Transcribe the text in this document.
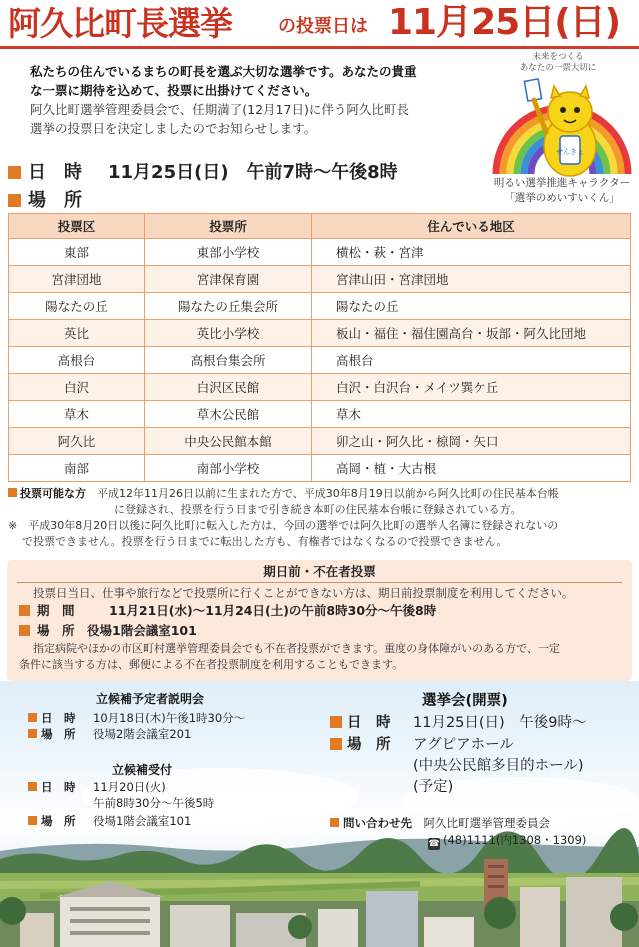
阿久比町長選挙	の投票日は 11月25日(日)
私たちの住んでいるまちの町長を選ぶ大切な選挙です。あなたの貴重
な一票に期待を込めて、投票に出掛けてください。
阿久比町選挙管理委員会で、任期満了(12月17日)に伴う阿久比町長
選挙の投票日を決定しましたのでお知らせします。
未来をつくる
あなたの一票大切に
せんきょ
明るい選挙推進キャラクター
「選挙のめいすいくん」
日　時 11月25日(日)　午前7時〜午後8時
場　所
投票区	投票所	住んでいる地区
東部	東部小学校	横松・萩・宮津
宮津団地	宮津保育園	宮津山田・宮津団地
陽なたの丘	陽なたの丘集会所	陽なたの丘
英比	英比小学校	板山・福住・福住園高台・坂部・阿久比団地
高根台	高根台集会所	高根台
白沢	白沢区民館	白沢・白沢台・メイツ巽ケ丘
草木	草木公民館	草木
阿久比	中央公民館本館	卯之山・阿久比・椋岡・矢口
南部	南部小学校	高岡・植・大古根
投票可能な方　 平成12年11月26日以前に生まれた方で、平成30年8月19日以前から阿久比町の住民基本台帳
に登録され、投票を行う日まで引き続き本町の住民基本台帳に登録されている方。
※　平成30年8月20日以後に阿久比町に転入した方は、今回の選挙では阿久比町の選挙人名簿に登録されないの
で投票できません。投票を行う日までに転出した方も、有権者ではなくなるので投票できません。
期日前・不在者投票
投票日当日、仕事や旅行などで投票所に行くことができない方は、期日前投票制度を利用してください。
期　間	11月21日(水)〜11月24日(土)の午前8時30分〜午後8時
場　所　 役場1階会議室101
指定病院やほかの市区町村選挙管理委員会でも不在者投票ができます。重度の身体障がいのある方で、一定
条件に該当する方は、郵便による不在者投票制度を利用することもできます。
立候補予定者説明会
日　時 10月18日(木)午後1時30分〜
場　所 役場2階会議室201
立候補受付
日　時 11月20日(火)
午前8時30分〜午後5時
場　所 役場1階会議室101
選挙会(開票)
日　時 11月25日(日)　午後9時〜
場　所 アグピアホール
(中央公民館多目的ホール)
(予定)
問い合わせ先　 阿久比町選挙管理委員会
☎ (48)1111(内1308・1309)
